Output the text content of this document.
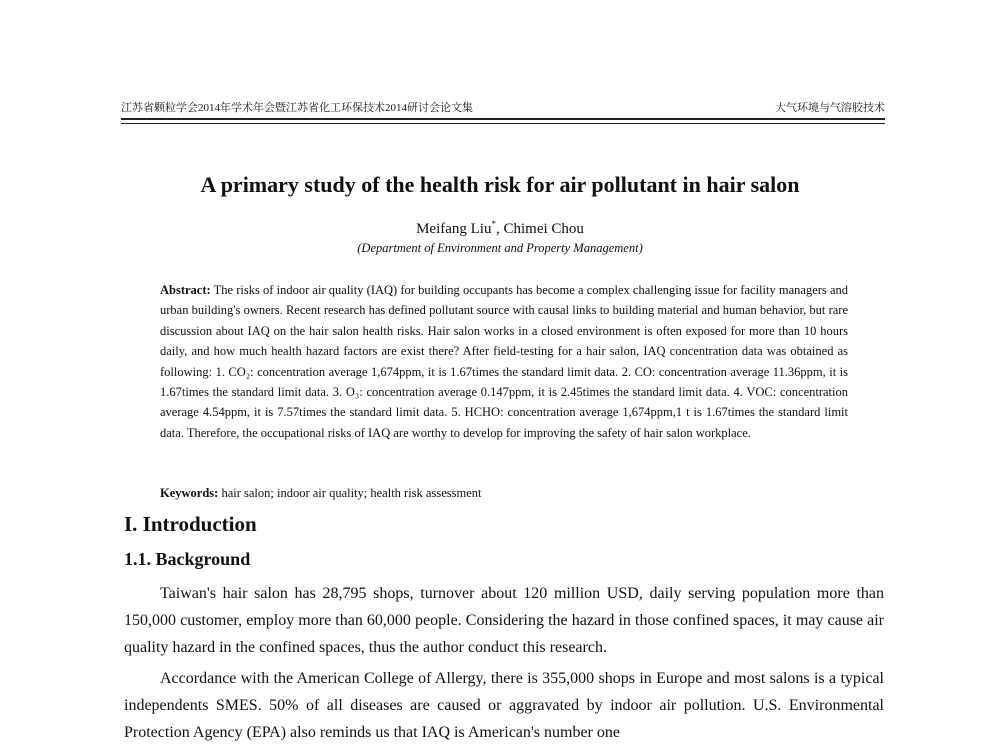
江苏省颗粒学会2014年学术年会暨江苏省化工环保技术2014研讨会论文集	大气环境与气溶胶技术
A primary study of the health risk for air pollutant in hair salon
Meifang Liu*, Chimei Chou
(Department of Environment and Property Management)

Abstract: The risks of indoor air quality (IAQ) for building occupants has become a complex challenging issue for facility managers and urban building's owners. Recent research has defined pollutant source with causal links to building material and human behavior, but rare discussion about IAQ on the hair salon health risks. Hair salon works in a closed environment is often exposed for more than 10 hours daily, and how much health hazard factors are exist there? After field-testing for a hair salon, IAQ concentration data was obtained as following: 1. CO₂: concentration average 1,674ppm, it is 1.67times the standard limit data. 2. CO: concentration average 11.36ppm, it is 1.67times the standard limit data. 3. O₃: concentration average 0.147ppm, it is 2.45times the standard limit data. 4. VOC: concentration average 4.54ppm, it is 7.57times the standard limit data. 5. HCHO: concentration average 1,674ppm,1 t is 1.67times the standard limit data. Therefore, the occupational risks of IAQ are worthy to develop for improving the safety of hair salon workplace.

Keywords: hair salon; indoor air quality; health risk assessment
I. Introduction
1.1. Background

Taiwan's hair salon has 28,795 shops, turnover about 120 million USD, daily serving population more than 150,000 customer, employ more than 60,000 people. Considering the hazard in those confined spaces, it may cause air quality hazard in the confined spaces, thus the author conduct this research.

Accordance with the American College of Allergy, there is 355,000 shops in Europe and most salons is a typical independents SMES. 50% of all diseases are caused or aggravated by indoor air pollution. U.S. Environmental Protection Agency (EPA) also reminds us that IAQ is American's number one
